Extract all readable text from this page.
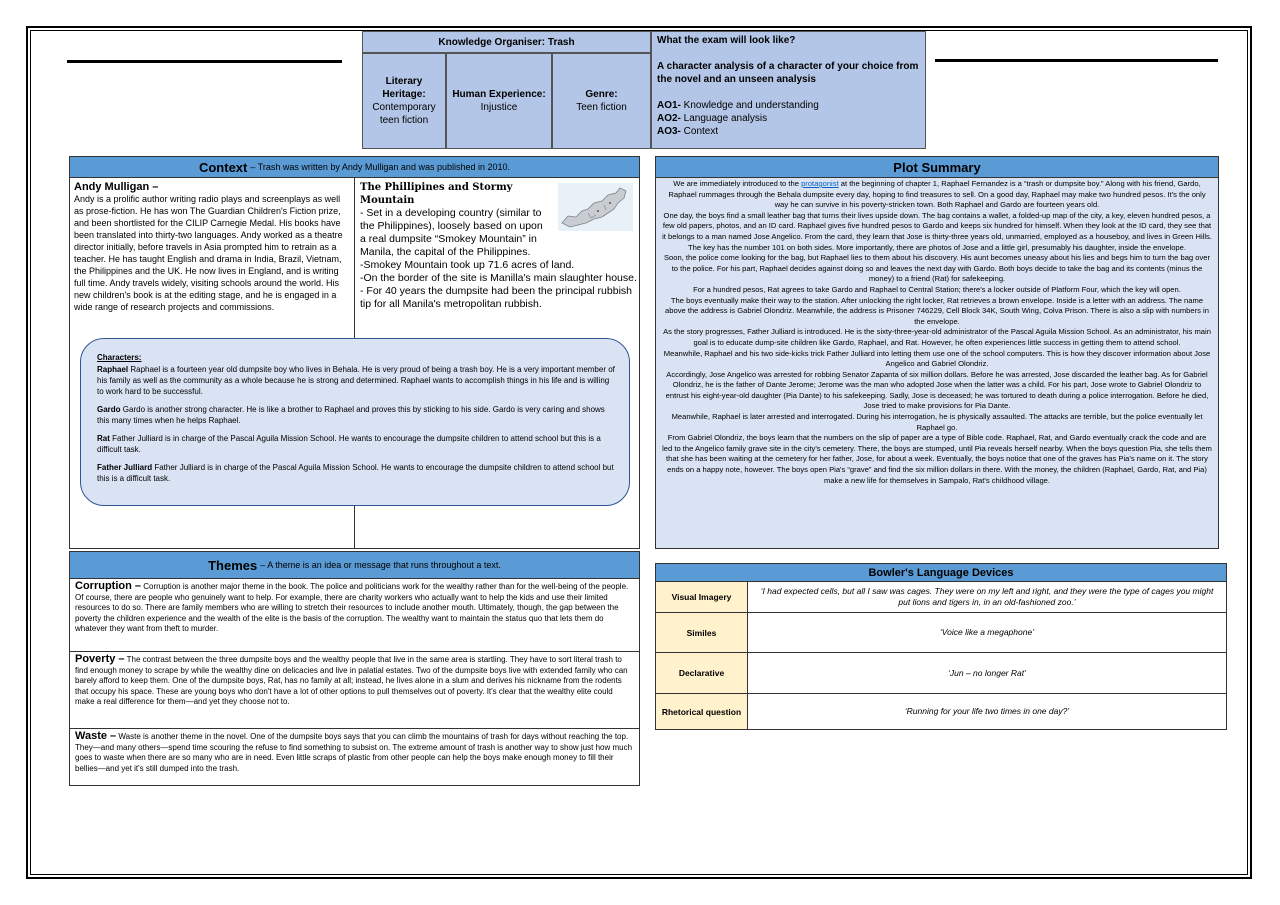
Knowledge Organiser: Trash
Literary Heritage:
Contemporary teen fiction
Human Experience:
Injustice
Genre:
Teen fiction

What the exam will look like?

A character analysis of a character of your choice from the novel and an unseen analysis

AO1- Knowledge and understanding

AO2- Language analysis

AO3- Context

Context – Trash was written by Andy Mulligan and was published in 2010.
Andy Mulligan –
Andy is a prolific author writing radio plays and screenplays as well as prose-fiction. He has won The Guardian Children's Fiction prize, and been shortlisted for the CILIP Carnegie Medal. His books have been translated into thirty-two languages. Andy worked as a theatre director initially, before travels in Asia prompted him to retrain as a teacher. He has taught English and drama in India, Brazil, Vietnam, the Philippines and the UK. He now lives in England, and is writing full time. Andy travels widely, visiting schools around the world. His new children's book is at the editing stage, and he is engaged in a wide range of research projects and commissions.
The Phillipines and Stormy Mountain
- Set in a developing country (similar to the Philippines), loosely based on upon a real dumpsite “Smokey Mountain” in Manila, the capital of the Philippines.
-Smokey Mountain took up 71.6 acres of land.
-On the border of the site is Manilla's main slaughter house.
- For 40 years the dumpsite had been the principal rubbish tip for all Manila's metropolitan rubbish.
Characters:

Raphael Raphael is a fourteen year old dumpsite boy who lives in Behala. He is very proud of being a trash boy. He is a very important member of his family as well as the community as a whole because he is strong and determined. Raphael wants to accomplish things in his life and is willing to work hard to be successful.

Gardo Gardo is another strong character. He is like a brother to Raphael and proves this by sticking to his side. Gardo is very caring and shows this many times when he helps Raphael.

Rat Father Julliard is in charge of the Pascal Aguila Mission School. He wants to encourage the dumpsite children to attend school but this is a difficult task.

Father Julliard Father Julliard is in charge of the Pascal Aguila Mission School. He wants to encourage the dumpsite children to attend school but this is a difficult task.

Themes – A theme is an idea or message that runs throughout a text.
Corruption – Corruption is another major theme in the book. The police and politicians work for the wealthy rather than for the well-being of the people. Of course, there are people who genuinely want to help. For example, there are charity workers who actually want to help the kids and use their limited resources to do so. There are family members who are willing to stretch their resources to include another mouth. Ultimately, though, the gap between the poverty the children experience and the wealth of the elite is the basis of the corruption. The wealthy want to maintain the status quo that lets them do whatever they want from theft to murder.
Poverty – The contrast between the three dumpsite boys and the wealthy people that live in the same area is startling. They have to sort literal trash to find enough money to scrape by while the wealthy dine on delicacies and live in palatial estates. Two of the dumpsite boys live with extended family who can barely afford to keep them. One of the dumpsite boys, Rat, has no family at all; instead, he lives alone in a slum and derives his nickname from the rodents that occupy his space. These are young boys who don't have a lot of other options to pull themselves out of poverty. It's clear that the wealthy elite could make a real difference for them—and yet they choose not to.
Waste – Waste is another theme in the novel. One of the dumpsite boys says that you can climb the mountains of trash for days without reaching the top. They—and many others—spend time scouring the refuse to find something to subsist on. The extreme amount of trash is another way to show just how much goes to waste when there are so many who are in need. Even little scraps of plastic from other people can help the boys make enough money to fill their bellies—and yet it's still dumped into the trash.
Plot Summary

We are immediately introduced to the protagonist at the beginning of chapter 1, Raphael Fernandez is a “trash or dumpsite boy.” Along with his friend, Gardo, Raphael rummages through the Behala dumpsite every day, hoping to find treasures to sell. On a good day, Raphael may make two hundred pesos. It's the only way he can survive in his poverty-stricken town. Both Raphael and Gardo are fourteen years old.

One day, the boys find a small leather bag that turns their lives upside down. The bag contains a wallet, a folded-up map of the city, a key, eleven hundred pesos, a few old papers, photos, and an ID card. Raphael gives five hundred pesos to Gardo and keeps six hundred for himself. When they look at the ID card, they see that it belongs to a man named Jose Angelico. From the card, they learn that Jose is thirty-three years old, unmarried, employed as a houseboy, and lives in Green Hills. The key has the number 101 on both sides. More importantly, there are photos of Jose and a little girl, presumably his daughter, inside the envelope.

Soon, the police come looking for the bag, but Raphael lies to them about his discovery. His aunt becomes uneasy about his lies and begs him to turn the bag over to the police. For his part, Raphael decides against doing so and leaves the next day with Gardo. Both boys decide to take the bag and its contents (minus the money) to a friend (Rat) for safekeeping.

For a hundred pesos, Rat agrees to take Gardo and Raphael to Central Station; there's a locker outside of Platform Four, which the key will open.

The boys eventually make their way to the station. After unlocking the right locker, Rat retrieves a brown envelope. Inside is a letter with an address. The name above the address is Gabriel Olondriz. Meanwhile, the address is Prisoner 746229, Cell Block 34K, South Wing, Colva Prison. There is also a slip with numbers in the envelope.

As the story progresses, Father Julliard is introduced. He is the sixty-three-year-old administrator of the Pascal Aguila Mission School. As an administrator, his main goal is to educate dump-site children like Gardo, Raphael, and Rat. However, he often experiences little success in getting them to attend school.

Meanwhile, Raphael and his two side-kicks trick Father Julliard into letting them use one of the school computers. This is how they discover information about Jose Angelico and Gabriel Olondriz.

Accordingly, Jose Angelico was arrested for robbing Senator Zapanta of six million dollars. Before he was arrested, Jose discarded the leather bag. As for Gabriel Olondriz, he is the father of Dante Jerome; Jerome was the man who adopted Jose when the latter was a child. For his part, Jose wrote to Gabriel Olondriz to entrust his eight-year-old daughter (Pia Dante) to his safekeeping. Sadly, Jose is deceased; he was tortured to death during a police interrogation. Before he died, Jose tried to make provisions for Pia Dante.

Meanwhile, Raphael is later arrested and interrogated. During his interrogation, he is physically assaulted. The attacks are terrible, but the police eventually let Raphael go.

From Gabriel Olondriz, the boys learn that the numbers on the slip of paper are a type of Bible code. Raphael, Rat, and Gardo eventually crack the code and are led to the Angelico family grave site in the city's cemetery. There, the boys are stumped, until Pia reveals herself nearby. When the boys question Pia, she tells them that she has been waiting at the cemetery for her father, Jose, for about a week. Eventually, the boys notice that one of the graves has Pia's name on it. The story ends on a happy note, however. The boys open Pia's “grave” and find the six million dollars in there. With the money, the children (Raphael, Gardo, Rat, and Pia) make a new life for themselves in Sampalo, Rat's childhood village.

Bowler's Language Devices
Visual Imagery
‘I had expected cells, but all I saw was cages. They were on my left and right, and they were the type of cages you might put lions and tigers in, in an old-fashioned zoo.’
Similes	‘Voice like a megaphone’
Declarative	‘Jun – no longer Rat’
Rhetorical question	‘Running for your life two times in one day?’
